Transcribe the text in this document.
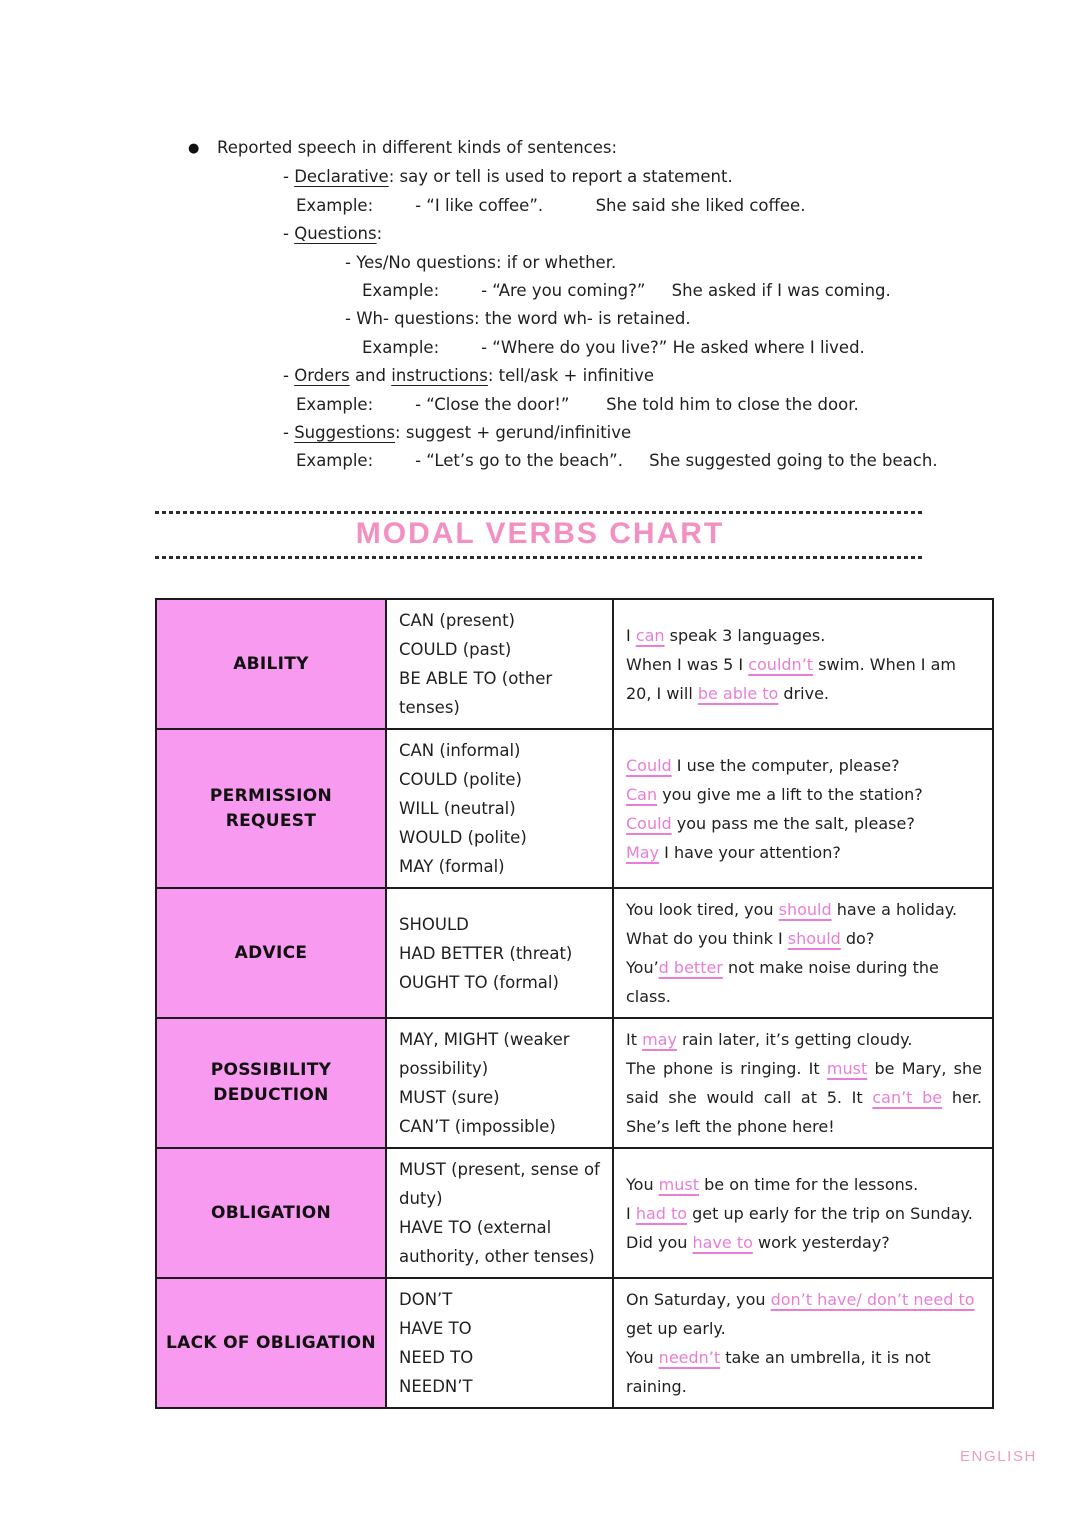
● Reported speech in different kinds of sentences:
- Declarative: say or tell is used to report a statement.
Example:        - “I like coffee”.          She said she liked coffee.
- Questions:
- Yes/No questions: if or whether.
Example:        - “Are you coming?”     She asked if I was coming.
- Wh- questions: the word wh- is retained.
Example:        - “Where do you live?” He asked where I lived.
- Orders and instructions: tell/ask + infinitive
Example:        - “Close the door!”       She told him to close the door.
- Suggestions: suggest + gerund/infinitive
Example:        - “Let’s go to the beach”.     She suggested going to the beach.
MODAL VERBS CHART
ABILITY

CAN (present)
COULD (past)
BE ABLE TO (other tenses)

I can speak 3 languages.
When I was 5 I couldn’t swim. When I am 20, I will be able to drive.

PERMISSION
REQUEST

CAN (informal)
COULD (polite)
WILL (neutral)
WOULD (polite)
MAY (formal)

Could I use the computer, please?
Can you give me a lift to the station?
Could you pass me the salt, please?
May I have your attention?

ADVICE

SHOULD
HAD BETTER (threat)
OUGHT TO (formal)

You look tired, you should have a holiday.
What do you think I should do?
You’d better not make noise during the class.

POSSIBILITY
DEDUCTION

MAY, MIGHT (weaker possibility)
MUST (sure)
CAN’T (impossible)

It may rain later, it’s getting cloudy.
The phone is ringing. It must be Mary, she said she would call at 5. It can’t be her. She’s left the phone here!

OBLIGATION

MUST (present, sense of duty)
HAVE TO (external authority, other tenses)

You must be on time for the lessons.
I had to get up early for the trip on Sunday.
Did you have to work yesterday?

LACK OF OBLIGATION

DON’T
HAVE TO
NEED TO
NEEDN’T

On Saturday, you don’t have/ don’t need to get up early.
You needn’t take an umbrella, it is not raining.
ENGLISH
